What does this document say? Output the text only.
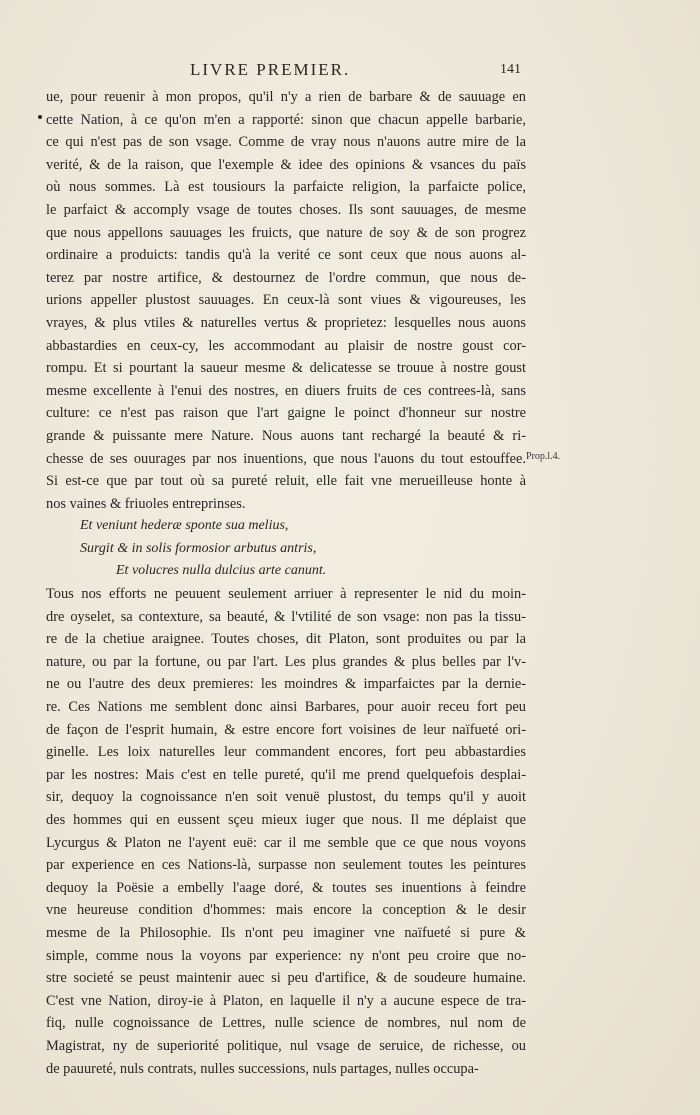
LIVRE PREMIER.	141
ue, pour reuenir à mon propos, qu'il n'y a rien de barbare & de sauuage en
cette Nation, à ce qu'on m'en a rapporté: sinon que chacun appelle barbarie,
ce qui n'est pas de son vsage. Comme de vray nous n'auons autre mire de la
verité, & de la raison, que l'exemple & idee des opinions & vsances du païs
où nous sommes. Là est tousiours la parfaicte religion, la parfaicte police,
le parfaict & accomply vsage de toutes choses. Ils sont sauuages, de mesme
que nous appellons sauuages les fruicts, que nature de soy & de son progrez
ordinaire a produicts: tandis qu'à la verité ce sont ceux que nous auons al-
terez par nostre artifice, & destournez de l'ordre commun, que nous de-
urions appeller plustost sauuages. En ceux-là sont viues & vigoureuses, les
vrayes, & plus vtiles & naturelles vertus & proprietez: lesquelles nous auons
abbastardies en ceux-cy, les accommodant au plaisir de nostre goust cor-
rompu. Et si pourtant la saueur mesme & delicatesse se trouue à nostre goust
mesme excellente à l'enui des nostres, en diuers fruits de ces contrees-là, sans
culture: ce n'est pas raison que l'art gaigne le poinct d'honneur sur nostre
grande & puissante mere Nature. Nous auons tant rechargé la beauté & ri-
chesse de ses ouurages par nos inuentions, que nous l'auons du tout estouffee.
Si est-ce que par tout où sa pureté reluit, elle fait vne merueilleuse honte à
nos vaines & friuoles entreprinses.
Et veniunt hederæ sponte sua melius,
Surgit & in solis formosior arbutus antris,
Et volucres nulla dulcius arte canunt.
Tous nos efforts ne peuuent seulement arriuer à representer le nid du moin-
dre oyselet, sa contexture, sa beauté, & l'vtilité de son vsage: non pas la tissu-
re de la chetiue araignee. Toutes choses, dit Platon, sont produites ou par la
nature, ou par la fortune, ou par l'art. Les plus grandes & plus belles par l'v-
ne ou l'autre des deux premieres: les moindres & imparfaictes par la dernie-
re. Ces Nations me semblent donc ainsi Barbares, pour auoir receu fort peu
de façon de l'esprit humain, & estre encore fort voisines de leur naïfueté ori-
ginelle. Les loix naturelles leur commandent encores, fort peu abbastardies
par les nostres: Mais c'est en telle pureté, qu'il me prend quelquefois desplai-
sir, dequoy la cognoissance n'en soit venuë plustost, du temps qu'il y auoit
des hommes qui en eussent sçeu mieux iuger que nous. Il me déplaist que
Lycurgus & Platon ne l'ayent euë: car il me semble que ce que nous voyons
par experience en ces Nations-là, surpasse non seulement toutes les peintures
dequoy la Poësie a embelly l'aage doré, & toutes ses inuentions à feindre
vne heureuse condition d'hommes: mais encore la conception & le desir
mesme de la Philosophie. Ils n'ont peu imaginer vne naïfueté si pure &
simple, comme nous la voyons par experience: ny n'ont peu croire que no-
stre societé se peust maintenir auec si peu d'artifice, & de soudeure humaine.
C'est vne Nation, diroy-ie à Platon, en laquelle il n'y a aucune espece de tra-
fiq, nulle cognoissance de Lettres, nulle science de nombres, nul nom de
Magistrat, ny de superiorité politique, nul vsage de seruice, de richesse, ou
de pauureté, nuls contrats, nulles successions, nuls partages, nulles occupa-
Prop.l.4.
